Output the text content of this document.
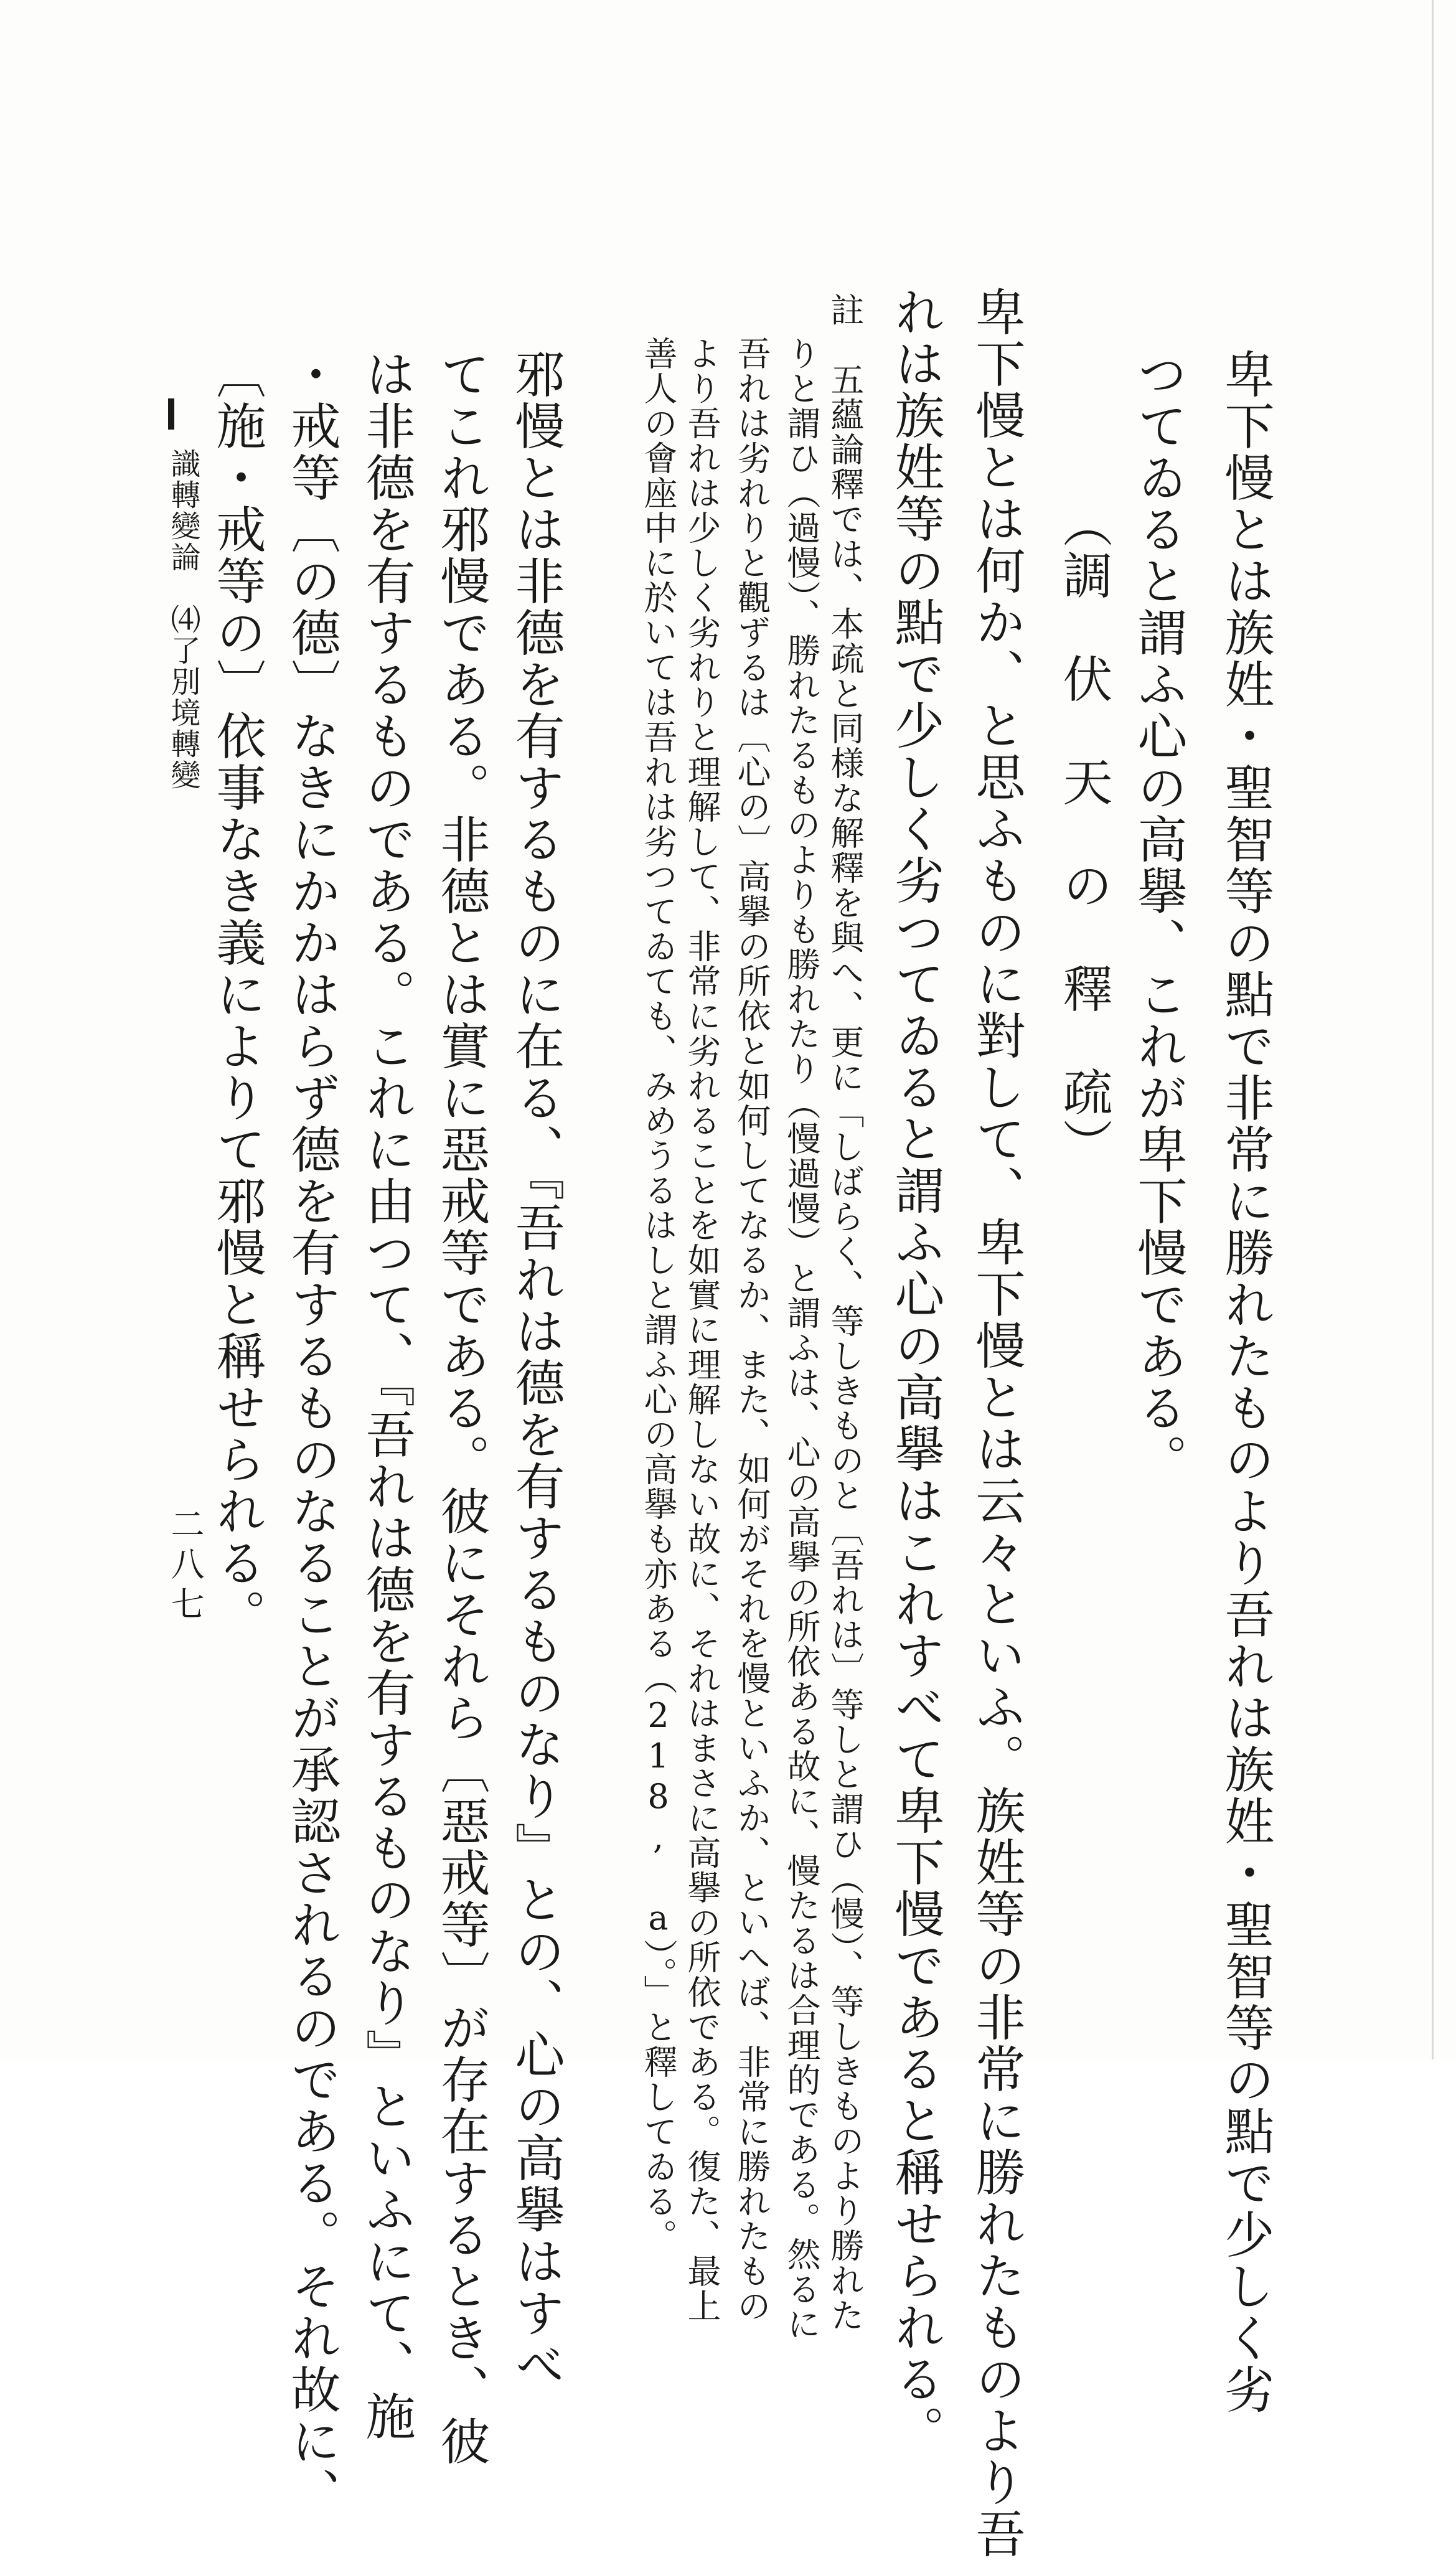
卑下慢とは族姓・聖智等の點で非常に勝れたものより吾れは族姓・聖智等の點で少しく劣
つてゐると謂ふ心の高擧、これが卑下慢である。
（調　伏　天　の　釋　疏）
卑下慢とは何か、と思ふものに對して、卑下慢とは云々といふ。族姓等の非常に勝れたものより吾
れは族姓等の點で少しく劣つてゐると謂ふ心の高擧はこれすべて卑下慢であると稱せられる。
註　五蘊論釋では、本疏と同様な解釋を與へ、更に「しばらく、等しきものと〔吾れは〕等しと謂ひ（慢）、等しきものより勝れた
りと謂ひ（過慢）、勝れたるものよりも勝れたり（慢過慢）と謂ふは、心の高擧の所依ある故に、慢たるは合理的である。然るに
吾れは劣れりと觀ずるは〔心の〕高擧の所依と如何してなるか、また、如何がそれを慢といふか、といへば、非常に勝れたもの
より吾れは少しく劣れりと理解して、非常に劣れることを如實に理解しない故に、それはまさに高擧の所依である。復た、最上
善人の會座中に於いては吾れは劣つてゐても、みめうるはしと謂ふ心の高擧も亦ある（218, a）。」と釋してゐる。
邪慢とは非德を有するものに在る、『吾れは德を有するものなり』との、心の高擧はすべ
てこれ邪慢である。非德とは實に惡戒等である。彼にそれら〔惡戒等〕が存在するとき、彼
は非德を有するものである。これに由つて、『吾れは德を有するものなり』といふにて、施
・戒等〔の德〕なきにかかはらず德を有するものなることが承認されるのである。それ故に、
〔施・戒等の〕依事なき義によりて邪慢と稱せられる。
識轉變論　⑷了別境轉變
二八七
